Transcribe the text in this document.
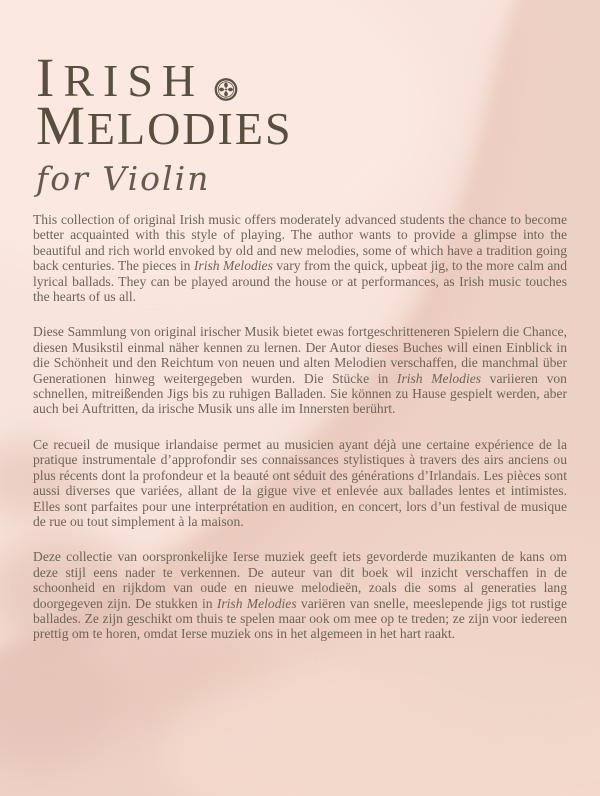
IRISH
MELODI
ES
for Violin

This collection of original Irish music offers moderately advanced students the chance to become better acquainted with this style of playing. The author wants to provide a glimpse into the beautiful and rich world envoked by old and new melodies, some of which have a tradition going back centuries. The pieces in Irish Melodies vary from the quick, upbeat jig, to the more calm and lyrical ballads. They can be played around the house or at performances, as Irish music touches the hearts of us all.

Diese Sammlung von original irischer Musik bietet ewas fortgeschritteneren Spielern die Chance, diesen Musikstil einmal näher kennen zu lernen. Der Autor dieses Buches will einen Einblick in die Schönheit und den Reichtum von neuen und alten Melodien verschaffen, die manchmal über Generationen hinweg weitergegeben wurden. Die Stücke in Irish Melodies variieren von schnellen, mitreißenden Jigs bis zu ruhigen Balladen. Sie können zu Hause gespielt werden, aber auch bei Auftritten, da irische Musik uns alle im Innersten berührt.

Ce recueil de musique irlandaise permet au musicien ayant déjà une certaine expérience de la pratique instrumentale d’approfondir ses connaissances stylistiques à travers des airs anciens ou plus récents dont la profondeur et la beauté ont séduit des générations d’Irlandais. Les pièces sont aussi diverses que variées, allant de la gigue vive et enlevée aux ballades lentes et intimistes. Elles sont parfaites pour une interprétation en audition, en concert, lors d’un festival de musique de rue ou tout simplement à la maison.

Deze collectie van oorspronkelijke Ierse muziek geeft iets gevorderde muzikanten de kans om deze stijl eens nader te verkennen. De auteur van dit boek wil inzicht verschaffen in de schoonheid en rijkdom van oude en nieuwe melodieën, zoals die soms al generaties lang doorgegeven zijn. De stukken in Irish Melodies variëren van snelle, meeslepende jigs tot rustige ballades. Ze zijn geschikt om thuis te spelen maar ook om mee op te treden; ze zijn voor iedereen prettig om te horen, omdat Ierse muziek ons in het algemeen in het hart raakt.
